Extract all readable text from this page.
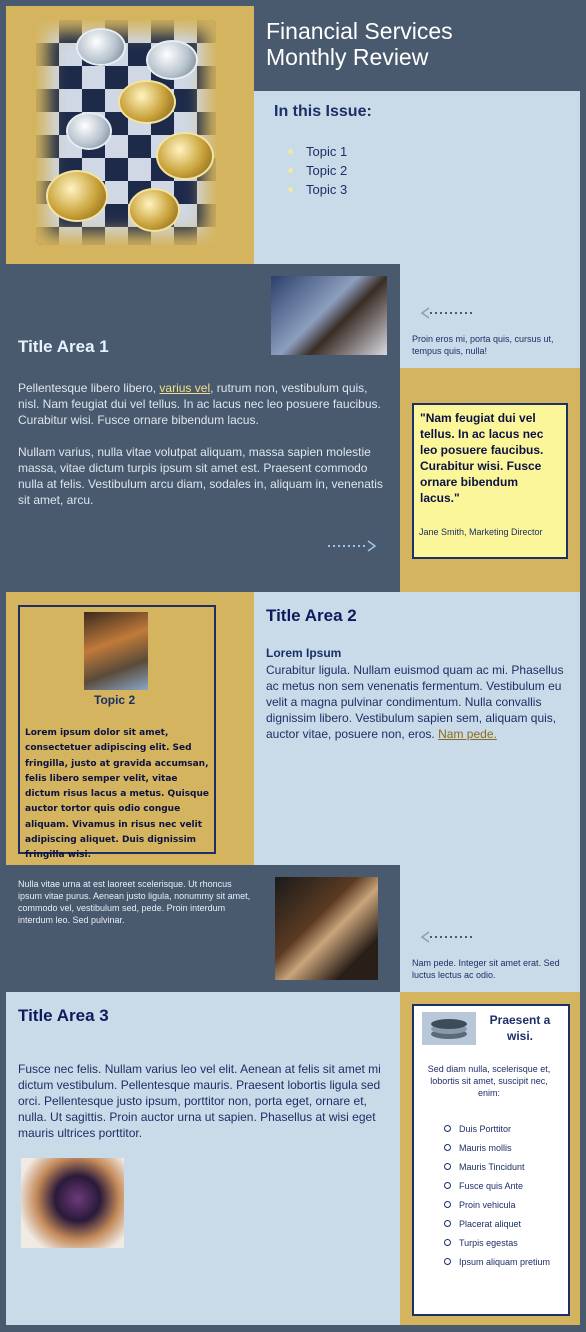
Financial Services
Monthly Review
In this Issue:
Topic 1
Topic 2
Topic 3
Title Area 1

Pellentesque libero libero, varius vel, rutrum non, vestibulum quis, nisl. Nam feugiat dui vel tellus. In ac lacus nec leo posuere faucibus. Curabitur wisi. Fusce ornare bibendum lacus.

Nullam varius, nulla vitae volutpat aliquam, massa sapien molestie massa, vitae dictum turpis ipsum sit amet est. Praesent commodo nulla at felis. Vestibulum arcu diam, sodales in, aliquam in, venenatis sit amet, arcu.

Proin eros mi, porta quis, cursus ut, tempus quis, nulla!
"Nam feugiat dui vel tellus. In ac lacus nec leo posuere faucibus. Curabitur wisi. Fusce ornare bibendum lacus."
Jane Smith, Marketing Director
Topic 2
Lorem ipsum dolor sit amet, consectetuer adipiscing elit. Sed fringilla, justo at gravida accumsan, felis libero semper velit, vitae dictum risus lacus a metus. Quisque auctor tortor quis odio congue aliquam. Vivamus in risus nec velit adipiscing aliquet. Duis dignissim fringilla wisi.
Title Area 2
Lorem Ipsum
Curabitur ligula. Nullam euismod quam ac mi. Phasellus ac metus non sem venenatis fermentum. Vestibulum eu velit a magna pulvinar condimentum. Nulla convallis dignissim libero. Vestibulum sapien sem, aliquam quis, auctor vitae, posuere non, eros. Nam pede.
Nulla vitae urna at est laoreet scelerisque. Ut rhoncus ipsum vitae purus. Aenean justo ligula, nonummy sit amet, commodo vel, vestibulum sed, pede. Proin interdum interdum leo. Sed pulvinar.
Nam pede. Integer sit amet erat. Sed luctus lectus ac odio.
Title Area 3
Fusce nec felis. Nullam varius leo vel elit. Aenean at felis sit amet mi dictum vestibulum. Pellentesque mauris. Praesent lobortis ligula sed orci. Pellentesque justo ipsum, porttitor non, porta eget, ornare et, nulla. Ut sagittis. Proin auctor urna ut sapien. Phasellus at wisi eget mauris ultrices porttitor.
Praesent a wisi.
Sed diam nulla, scelerisque et, lobortis sit amet, suscipit nec, enim:
Duis Porttitor
Mauris mollis
Mauris Tincidunt
Fusce quis Ante
Proin vehicula
Placerat aliquet
Turpis egestas
Ipsum aliquam pretium
